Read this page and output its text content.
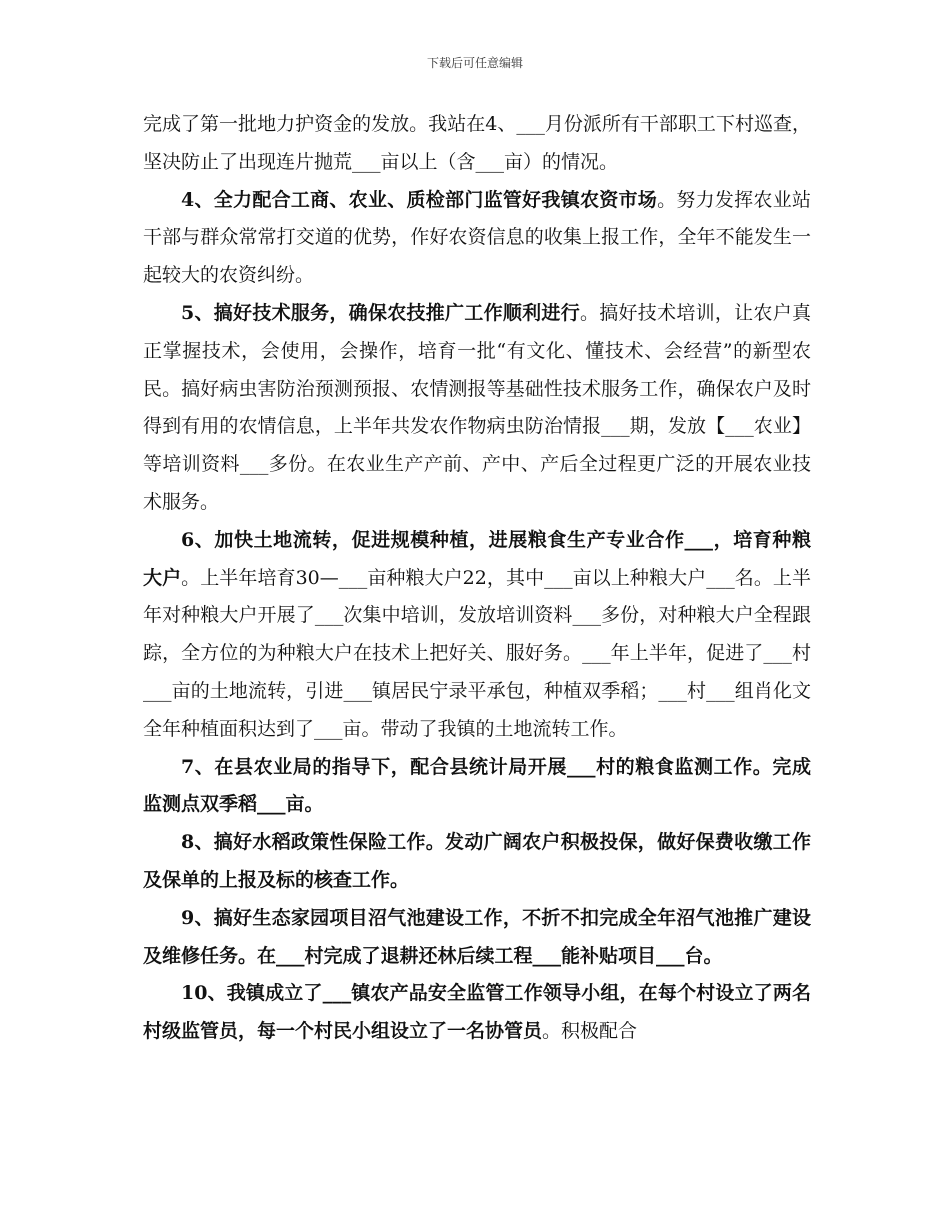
下载后可任意编辑

完成了第一批地力护资金的发放。我站在4、___月份派所有干部职工下村巡查，坚决防止了出现连片抛荒___亩以上（含___亩）的情况。

4、全力配合工商、农业、质检部门监管好我镇农资市场。努力发挥农业站干部与群众常常打交道的优势，作好农资信息的收集上报工作，全年不能发生一起较大的农资纠纷。

5、搞好技术服务，确保农技推广工作顺利进行。搞好技术培训，让农户真正掌握技术，会使用，会操作，培育一批“有文化、懂技术、会经营”的新型农民。搞好病虫害防治预测预报、农情测报等基础性技术服务工作，确保农户及时得到有用的农情信息，上半年共发农作物病虫防治情报___期，发放【___农业】等培训资料___多份。在农业生产产前、产中、产后全过程更广泛的开展农业技术服务。

6、加快土地流转，促进规模种植，进展粮食生产专业合作___，培育种粮大户。上半年培育30—___亩种粮大户22，其中___亩以上种粮大户___名。上半年对种粮大户开展了___次集中培训，发放培训资料___多份，对种粮大户全程跟踪，全方位的为种粮大户在技术上把好关、服好务。___年上半年，促进了___村___亩的土地流转，引进___镇居民宁录平承包，种植双季稻；___村___组肖化文全年种植面积达到了___亩。带动了我镇的土地流转工作。

7、在县农业局的指导下，配合县统计局开展___村的粮食监测工作。完成监测点双季稻___亩。

8、搞好水稻政策性保险工作。发动广阔农户积极投保，做好保费收缴工作及保单的上报及标的核查工作。

9、搞好生态家园项目沼气池建设工作，不折不扣完成全年沼气池推广建设及维修任务。在___村完成了退耕还林后续工程___能补贴项目___台。

10、我镇成立了___镇农产品安全监管工作领导小组，在每个村设立了两名村级监管员，每一个村民小组设立了一名协管员。积极配合
